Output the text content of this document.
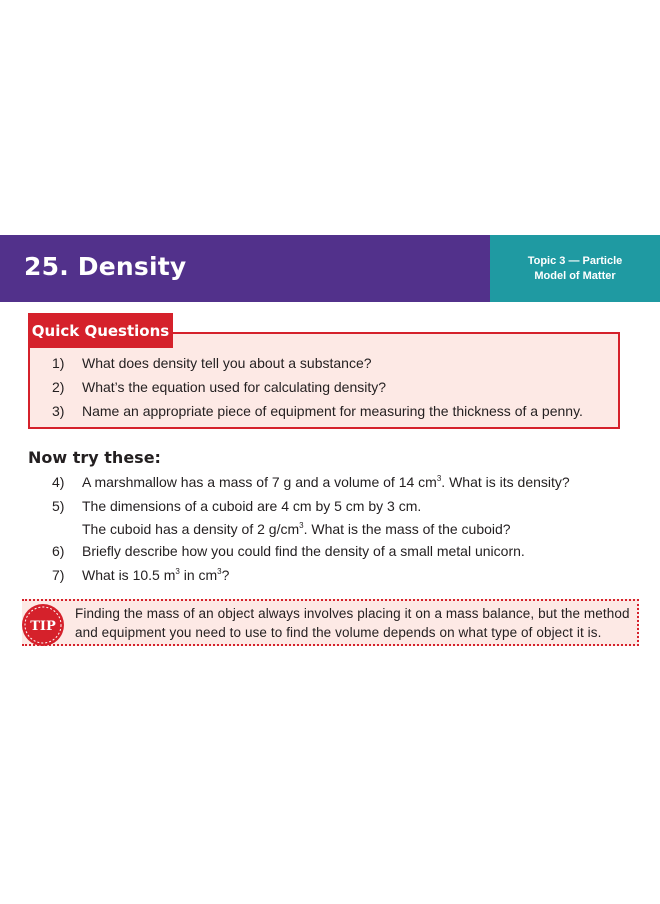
25. Density	Topic 3 — Particle
Model of Matter
Quick Questions
1)	What does density tell you about a substance?
2)	What’s the equation used for calculating density?
3)	Name an appropriate piece of equipment for measuring the thickness of a penny.
Now try these:
4)	A marshmallow has a mass of 7 g and a volume of 14 $cm^3$. What is its density?
5)	The dimensions of a cuboid are 4 cm by 5 cm by 3 cm.
The cuboid has a density of 2 $g/cm^3$. What is the mass of the cuboid?
6)	Briefly describe how you could find the density of a small metal unicorn.
7)	What is 10.5 $m^3$ in $cm^3$?
TIP
Finding the mass of an object always involves placing it on a mass balance, but the method
and equipment you need to use to find the volume depends on what type of object it is.
